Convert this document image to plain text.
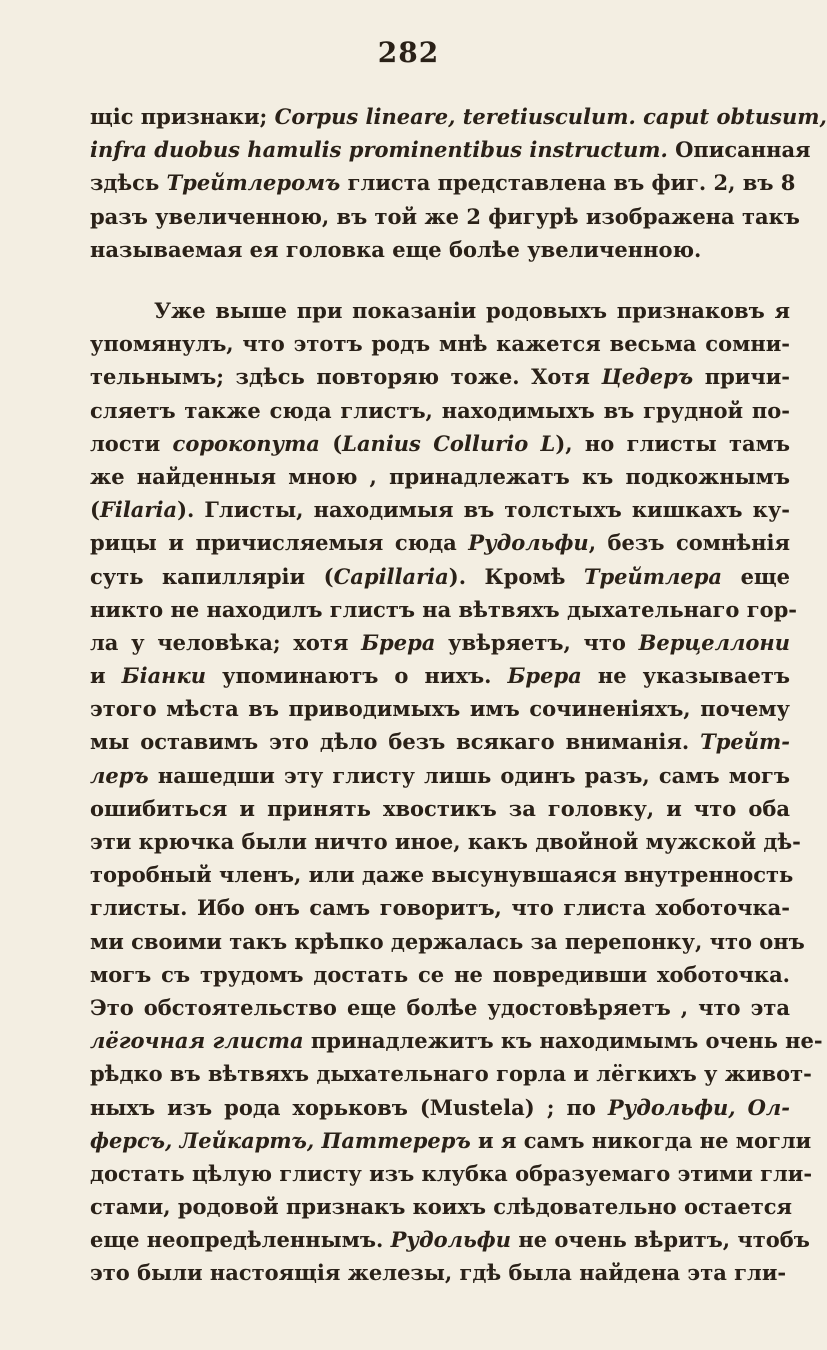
282
щіс признаки; Corpus lineare, teretiusculum. caput obtusum,
infra duobus hamulis prominentibus instructum. Описанная
здѣсь Трейтлеромъ глиста представлена въ фиг. 2, въ 8
разъ увеличенною, въ той же 2 фигурѣ изображена такъ
называемая ея головка еще болѣе увеличенною.
Уже выше при показаніи родовыхъ признаковъ я
упомянулъ, что этотъ родъ мнѣ кажется весьма сомни-
тельнымъ; здѣсь повторяю тоже. Хотя Цедеръ причи-
сляетъ также сюда глистъ, находимыхъ въ грудной по-
лости сорокопута (Lanius Collurio L), но глисты тамъ
же найденныя мною , принадлежатъ къ подкожнымъ
(Filaria). Глисты, находимыя въ толстыхъ кишкахъ ку-
рицы и причисляемыя сюда Рудольфи, безъ сомнѣнія
суть капилляріи (Capillaria). Кромѣ Трейтлера еще
никто не находилъ глистъ на вѣтвяхъ дыхательнаго гор-
ла у человѣка; хотя Брера увѣряетъ, что Верцеллони
и Біанки упоминаютъ о нихъ. Брера не указываетъ
этого мѣста въ приводимыхъ имъ сочиненіяхъ, почему
мы оставимъ это дѣло безъ всякаго вниманія. Трейт-
леръ нашедши эту глисту лишь одинъ разъ, самъ могъ
ошибиться и принять хвостикъ за головку, и что оба
эти крючка были ничто иное, какъ двойной мужской дѣ-
торобный членъ, или даже высунувшаяся внутренность
глисты. Ибо онъ самъ говоритъ, что глиста хоботочка-
ми своими такъ крѣпко держалась за перепонку, что онъ
могъ съ трудомъ достать се не повредивши хоботочка.
Это обстоятельство еще болѣе удостовѣряетъ , что эта
лёгочная глиста принадлежитъ къ находимымъ очень не-
рѣдко въ вѣтвяхъ дыхательнаго горла и лёгкихъ у живот-
ныхъ изъ рода хорьковъ (Mustela) ; по Рудольфи, Ол-
ферсъ, Лейкартъ, Паттереръ и я самъ никогда не могли
достать цѣлую глисту изъ клубка образуемаго этими гли-
стами, родовой признакъ коихъ слѣдовательно остается
еще неопредѣленнымъ. Рудольфи не очень вѣритъ, чтобъ
это были настоящія железы, гдѣ была найдена эта гли-
